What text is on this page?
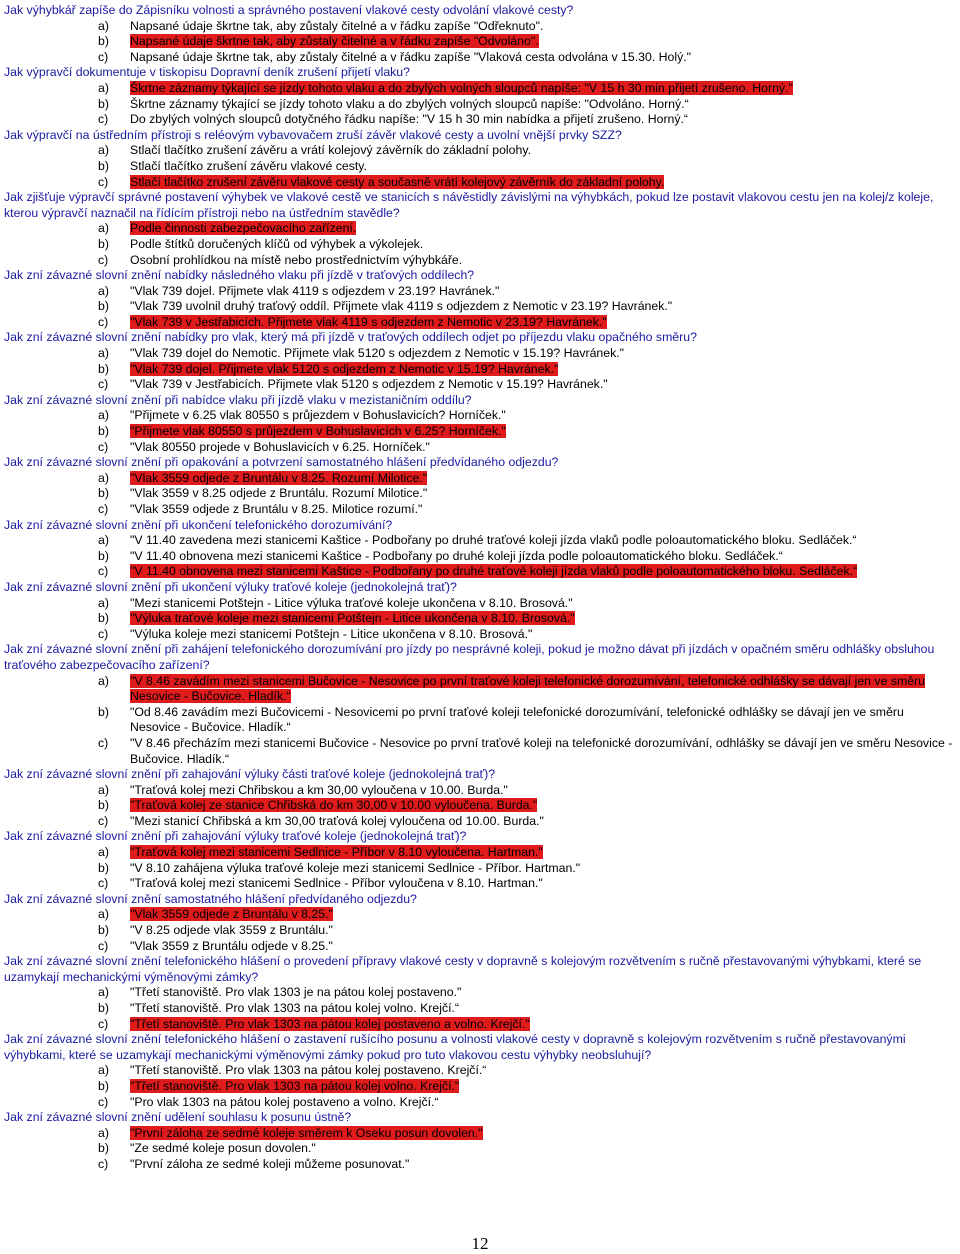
Jak výhybkář zapíše do Zápisníku volnosti a správného postavení vlakové cesty odvolání vlakové cesty?
a)	Napsané údaje škrtne tak, aby zůstaly čitelné a v řádku zapíše "Odřeknuto".
b)	Napsané údaje škrtne tak, aby zůstaly čitelné a v řádku zapíše "Odvoláno".
c)	Napsané údaje škrtne tak, aby zůstaly čitelné a v řádku zapíše "Vlaková cesta odvolána v 15.30. Holý."
Jak výpravčí dokumentuje v tiskopisu Dopravní deník zrušení přijetí vlaku?
a)	Škrtne záznamy týkající se jízdy tohoto vlaku a do zbylých volných sloupců napíše: "V 15 h 30 min přijetí zrušeno. Horný."
b)	Škrtne záznamy týkající se jízdy tohoto vlaku a do zbylých volných sloupců napíše: "Odvoláno. Horný.“
c)	Do zbylých volných sloupců dotyčného řádku napíše: "V 15 h 30 min nabídka a přijetí zrušeno. Horný.“
Jak výpravčí na ústředním přístroji s reléovým vybavovačem zruší závěr vlakové cesty a uvolní vnější prvky SZZ?
a)	Stlačí tlačítko zrušení závěru a vrátí kolejový závěrník do základní polohy.
b)	Stlačí tlačítko zrušení závěru vlakové cesty.
c)	Stlačí tlačítko zrušení závěru vlakové cesty a současně vrátí kolejový závěrník do základní polohy.
Jak zjišťuje výpravčí správné postavení výhybek ve vlakové cestě ve stanicích s návěstidly závislými na výhybkách, pokud lze postavit vlakovou cestu jen na kolej/z koleje, kterou výpravčí naznačil na řídícím přístroji nebo na ústředním stavědle?
a)	Podle činnosti zabezpečovacího zařízení.
b)	Podle štítků doručených klíčů od výhybek a výkolejek.
c)	Osobní prohlídkou na místě nebo prostřednictvím výhybkáře.
Jak zní závazné slovní znění nabídky následného vlaku při jízdě v traťových oddílech?
a)	"Vlak 739 dojel. Přijmete vlak 4119 s odjezdem v 23.19? Havránek."
b)	"Vlak 739 uvolnil druhý traťový oddíl. Přijmete vlak 4119 s odjezdem z Nemotic v 23.19? Havránek."
c)	"Vlak 739 v Jestřabicích. Přijmete vlak 4119 s odjezdem z Nemotic v 23.19? Havránek."
Jak zní závazné slovní znění nabídky pro vlak, který má při jízdě v traťových oddílech odjet po příjezdu vlaku opačného směru?
a)	"Vlak 739 dojel do Nemotic. Přijmete vlak 5120 s odjezdem z Nemotic v 15.19? Havránek."
b)	"Vlak 739 dojel. Přijmete vlak 5120 s odjezdem z Nemotic v 15.19? Havránek."
c)	"Vlak 739 v Jestřabicích. Přijmete vlak 5120 s odjezdem z Nemotic v 15.19? Havránek."
Jak zní závazné slovní znění při nabídce vlaku při jízdě vlaku v mezistaničním oddílu?
a)	"Přijmete v 6.25 vlak 80550 s průjezdem v Bohuslavicích? Horníček."
b)	"Přijmete vlak 80550 s průjezdem v Bohuslavicích v 6.25? Horníček."
c)	"Vlak 80550 projede v Bohuslavicích v 6.25. Horníček."
Jak zní závazné slovní znění při opakování a potvrzení samostatného hlášení předvídaného odjezdu?
a)	"Vlak 3559 odjede z Bruntálu v 8.25. Rozumí Milotice."
b)	"Vlak 3559 v 8.25 odjede z Bruntálu. Rozumí Milotice."
c)	"Vlak 3559 odjede z Bruntálu v 8.25. Milotice rozumí."
Jak zní závazné slovní znění při ukončení telefonického dorozumívání?
a)	"V 11.40 zavedena mezi stanicemi Kaštice - Podbořany po druhé traťové koleji jízda vlaků podle poloautomatického bloku. Sedláček.“
b)	"V 11.40 obnovena mezi stanicemi Kaštice - Podbořany po druhé koleji jízda podle poloautomatického bloku. Sedláček.“
c)	"V 11.40 obnovena mezi stanicemi Kaštice - Podbořany po druhé traťové koleji jízda vlaků podle poloautomatického bloku. Sedláček.“
Jak zní závazné slovní znění při ukončení výluky traťové koleje (jednokolejná trať)?
a)	"Mezi stanicemi Potštejn - Litice výluka traťové koleje ukončena v 8.10. Brosová."
b)	"Výluka traťové koleje mezi stanicemi Potštejn - Litice ukončena v 8.10. Brosová."
c)	"Výluka koleje mezi stanicemi Potštejn - Litice ukončena v 8.10. Brosová."
Jak zní závazné slovní znění při zahájení telefonického dorozumívání pro jízdy po nesprávné koleji, pokud je možno dávat při jízdách v opačném směru odhlášky obsluhou traťového zabezpečovacího zařízení?
a)	"V 8.46 zavádím mezi stanicemi Bučovice - Nesovice po první traťové koleji telefonické dorozumívání, telefonické odhlášky se dávají jen ve směru Nesovice - Bučovice. Hladík.“
b)	"Od 8.46 zavádím mezi Bučovicemi - Nesovicemi po první traťové koleji telefonické dorozumívání, telefonické odhlášky se dávají jen ve směru Nesovice - Bučovice. Hladík.“
c)	"V 8.46 přecházím mezi stanicemi Bučovice - Nesovice po první traťové koleji na telefonické dorozumívání, odhlášky se dávají jen ve směru Nesovice - Bučovice. Hladík.“
Jak zní závazné slovní znění při zahajování výluky části traťové koleje (jednokolejná trať)?
a)	"Traťová kolej mezi Chřibskou a km 30,00 vyloučena v 10.00. Burda."
b)	"Traťová kolej ze stanice Chřibská do km 30,00 v 10.00 vyloučena. Burda."
c)	"Mezi stanicí Chřibská a km 30,00 traťová kolej vyloučena od 10.00. Burda."
Jak zní závazné slovní znění při zahajování výluky traťové koleje (jednokolejná trať)?
a)	"Traťová kolej mezi stanicemi Sedlnice - Příbor v 8.10 vyloučena. Hartman."
b)	"V 8.10 zahájena výluka traťové koleje mezi stanicemi Sedlnice - Příbor. Hartman."
c)	"Traťová kolej mezi stanicemi Sedlnice - Příbor vyloučena v 8.10. Hartman."
Jak zní závazné slovní znění samostatného hlášení předvídaného odjezdu?
a)	"Vlak 3559 odjede z Bruntálu v 8.25."
b)	"V 8.25 odjede vlak 3559 z Bruntálu."
c)	"Vlak 3559 z Bruntálu odjede v 8.25."
Jak zní závazné slovní znění telefonického hlášení o provedení přípravy vlakové cesty v dopravně s kolejovým rozvětvením s ručně přestavovanými výhybkami, které se uzamykají mechanickými výměnovými zámky?
a)	"Třetí stanoviště. Pro vlak 1303 je na pátou kolej postaveno."
b)	"Třetí stanoviště. Pro vlak 1303 na pátou kolej volno. Krejčí.“
c)	"Třetí stanoviště. Pro vlak 1303 na pátou kolej postaveno a volno. Krejčí."
Jak zní závazné slovní znění telefonického hlášení o zastavení rušícího posunu a volnosti vlakové cesty v dopravně s kolejovým rozvětvením s ručně přestavovanými výhybkami, které se uzamykají mechanickými výměnovými zámky pokud pro tuto vlakovou cestu výhybky neobsluhují?
a)	"Třetí stanoviště. Pro vlak 1303 na pátou kolej postaveno. Krejčí.“
b)	"Třetí stanoviště. Pro vlak 1303 na pátou kolej volno. Krejčí."
c)	"Pro vlak 1303 na pátou kolej postaveno a volno. Krejčí.“
Jak zní závazné slovní znění udělení souhlasu k posunu ústně?
a)	"První záloha ze sedmé koleje směrem k Oseku posun dovolen."
b)	"Ze sedmé koleje posun dovolen."
c)	"První záloha ze sedmé koleji můžeme posunovat."
12
